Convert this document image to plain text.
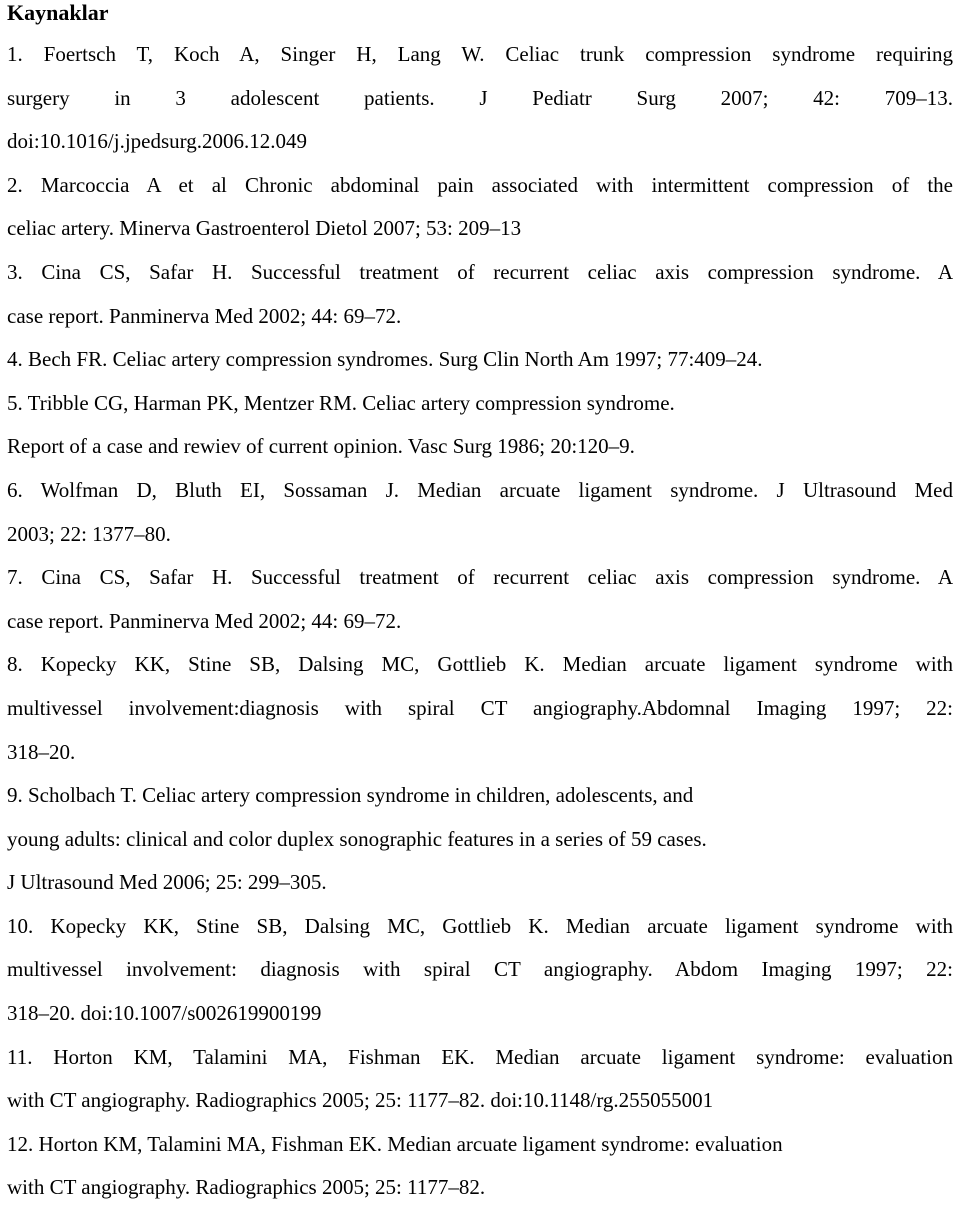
Kaynaklar

1. Foertsch T, Koch A, Singer H, Lang W. Celiac trunk compression syndrome requiring
surgery in 3 adolescent patients. J Pediatr Surg 2007; 42: 709–13.
doi:10.1016/j.jpedsurg.2006.12.049

2. Marcoccia A et al Chronic abdominal pain associated with intermittent compression of the
celiac artery. Minerva Gastroenterol Dietol 2007; 53: 209–13

3. Cina CS, Safar H. Successful treatment of recurrent celiac axis compression syndrome. A
case report. Panminerva Med 2002; 44: 69–72.

4. Bech FR. Celiac artery compression syndromes. Surg Clin North Am 1997; 77:409–24.

5. Tribble CG, Harman PK, Mentzer RM. Celiac artery compression syndrome.
Report of a case and rewiev of current opinion. Vasc Surg 1986; 20:120–9.

6. Wolfman D, Bluth EI, Sossaman J. Median arcuate ligament syndrome. J Ultrasound Med
2003; 22: 1377–80.

7. Cina CS, Safar H. Successful treatment of recurrent celiac axis compression syndrome. A
case report. Panminerva Med 2002; 44: 69–72.

8. Kopecky KK, Stine SB, Dalsing MC, Gottlieb K. Median arcuate ligament syndrome with
multivessel involvement:diagnosis with spiral CT angiography.Abdomnal Imaging 1997; 22:
318–20.

9. Scholbach T. Celiac artery compression syndrome in children, adolescents, and
young adults: clinical and color duplex sonographic features in a series of 59 cases.
J Ultrasound Med 2006; 25: 299–305.

10. Kopecky KK, Stine SB, Dalsing MC, Gottlieb K. Median arcuate ligament syndrome with
multivessel involvement: diagnosis with spiral CT angiography. Abdom Imaging 1997; 22:
318–20. doi:10.1007/s002619900199

11. Horton KM, Talamini MA, Fishman EK. Median arcuate ligament syndrome: evaluation
with CT angiography. Radiographics 2005; 25: 1177–82. doi:10.1148/rg.255055001

12. Horton KM, Talamini MA, Fishman EK. Median arcuate ligament syndrome: evaluation
with CT angiography. Radiographics 2005; 25: 1177–82.
